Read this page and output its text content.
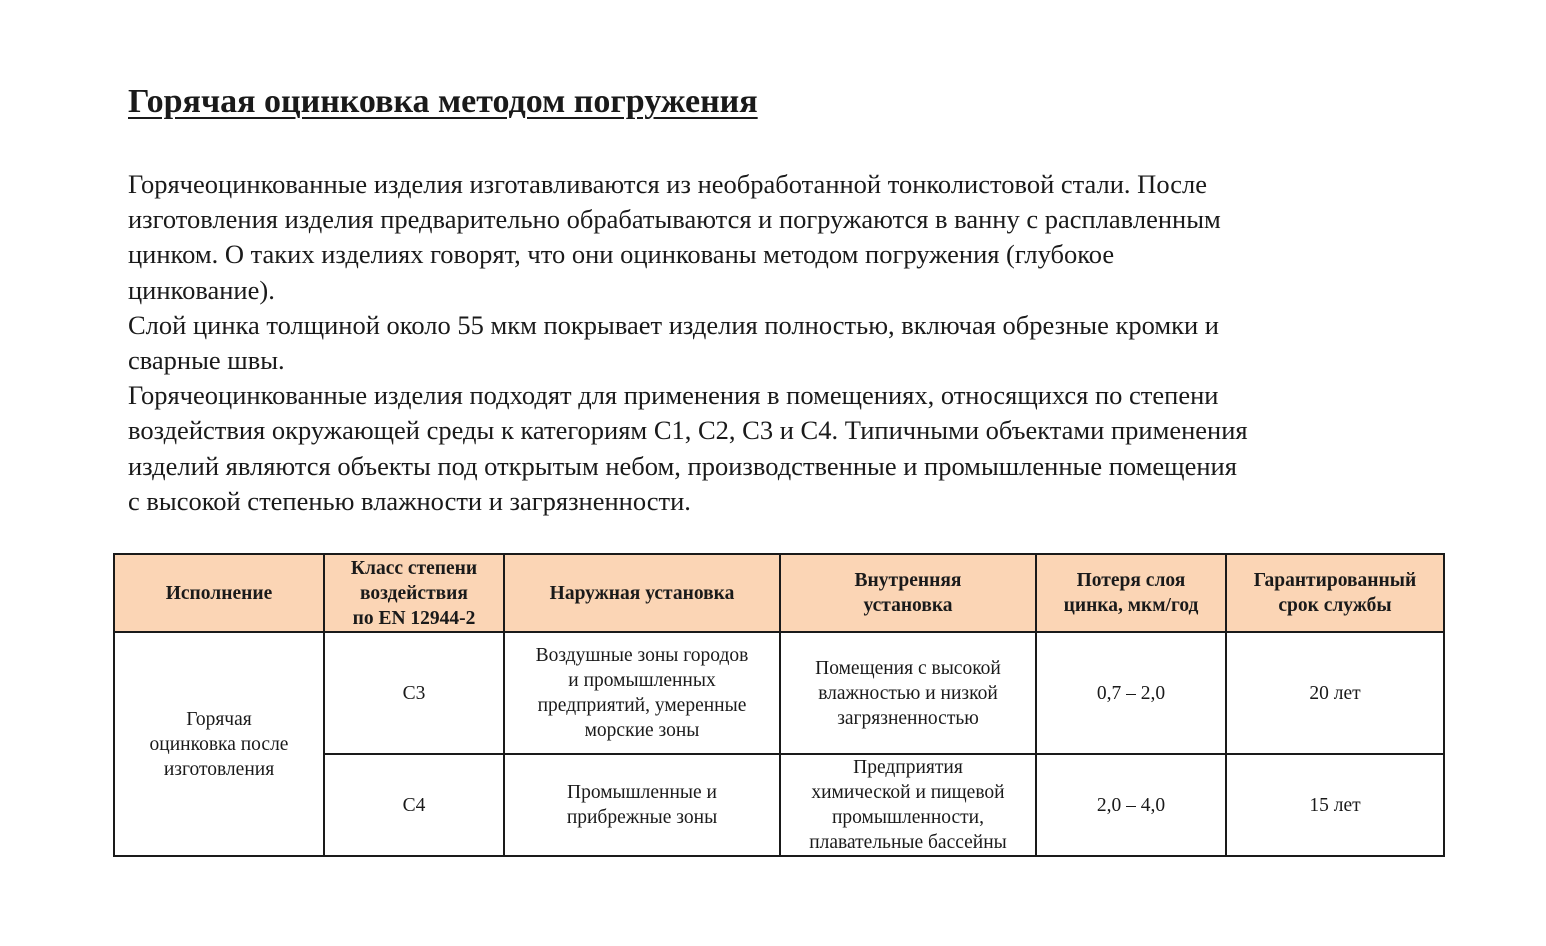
Горячая оцинковка методом погружения
Горячеоцинкованные изделия изготавливаются из необработанной тонколистовой стали. После
изготовления изделия предварительно обрабатываются и погружаются в ванну с расплавленным
цинком. О таких изделиях говорят, что они оцинкованы методом погружения (глубокое
цинкование).
Слой цинка толщиной около 55 мкм покрывает изделия полностью, включая обрезные кромки и
сварные швы.
Горячеоцинкованные изделия подходят для применения в помещениях, относящихся по степени
воздействия окружающей среды к категориям С1, С2, С3 и С4. Типичными объектами применения
изделий являются объекты под открытым небом, производственные и промышленные помещения
с высокой степенью влажности и загрязненности.
Исполнение	Класс степени
воздействия
по EN 12944-2	Наружная установка	Внутренняя
установка	Потеря слоя
цинка, мкм/год	Гарантированный
срок службы

Горячая
оцинковка после
изготовления	C3	Воздушные зоны городов
и промышленных
предприятий, умеренные
морские зоны	Помещения с высокой
влажностью и низкой
загрязненностью	0,7 – 2,0	20 лет
	C4	Промышленные и
прибрежные зоны	Предприятия
химической и пищевой
промышленности,
плавательные бассейны	2,0 – 4,0	15 лет
